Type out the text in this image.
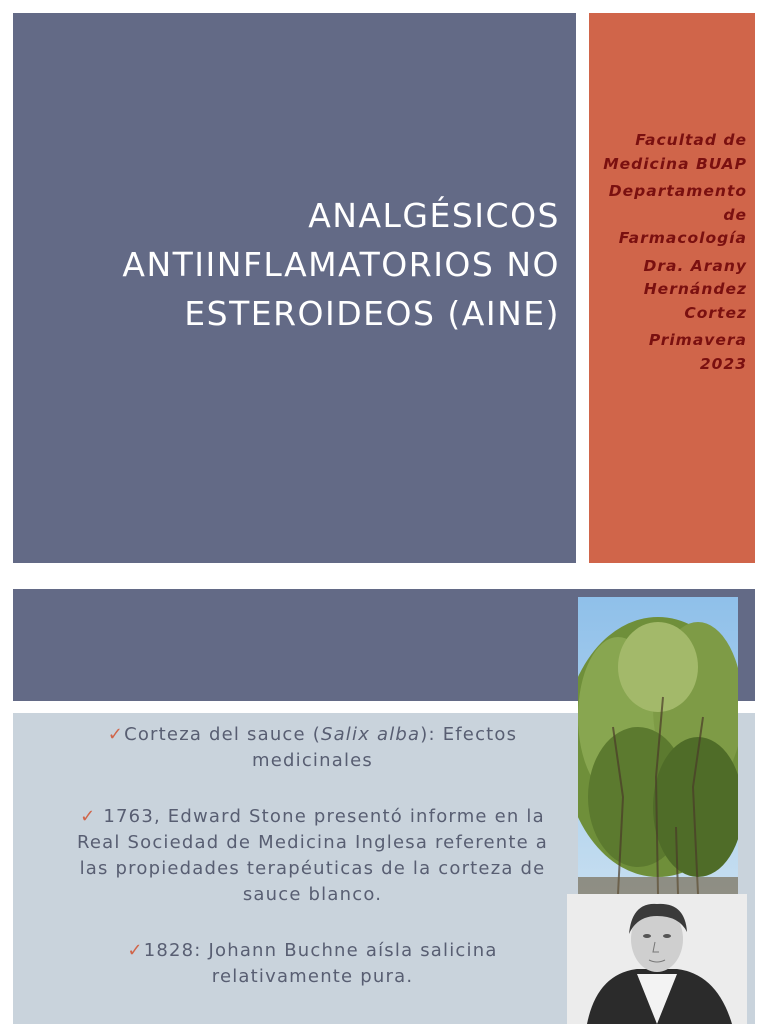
ANALGÉSICOS
ANTIINFLAMATORIOS NO
ESTEROIDEOS (AINE)

Facultad de
Medicina BUAP

Departamento
de
Farmacología

Dra. Arany
Hernández
Cortez

Primavera
2023

✓Corteza del sauce (Salix alba): Efectos medicinales

✓ 1763, Edward Stone presentó informe en la Real Sociedad de Medicina Inglesa referente a las propiedades terapéuticas de la corteza de sauce blanco.

✓1828: Johann Buchne aísla salicina relativamente pura.
